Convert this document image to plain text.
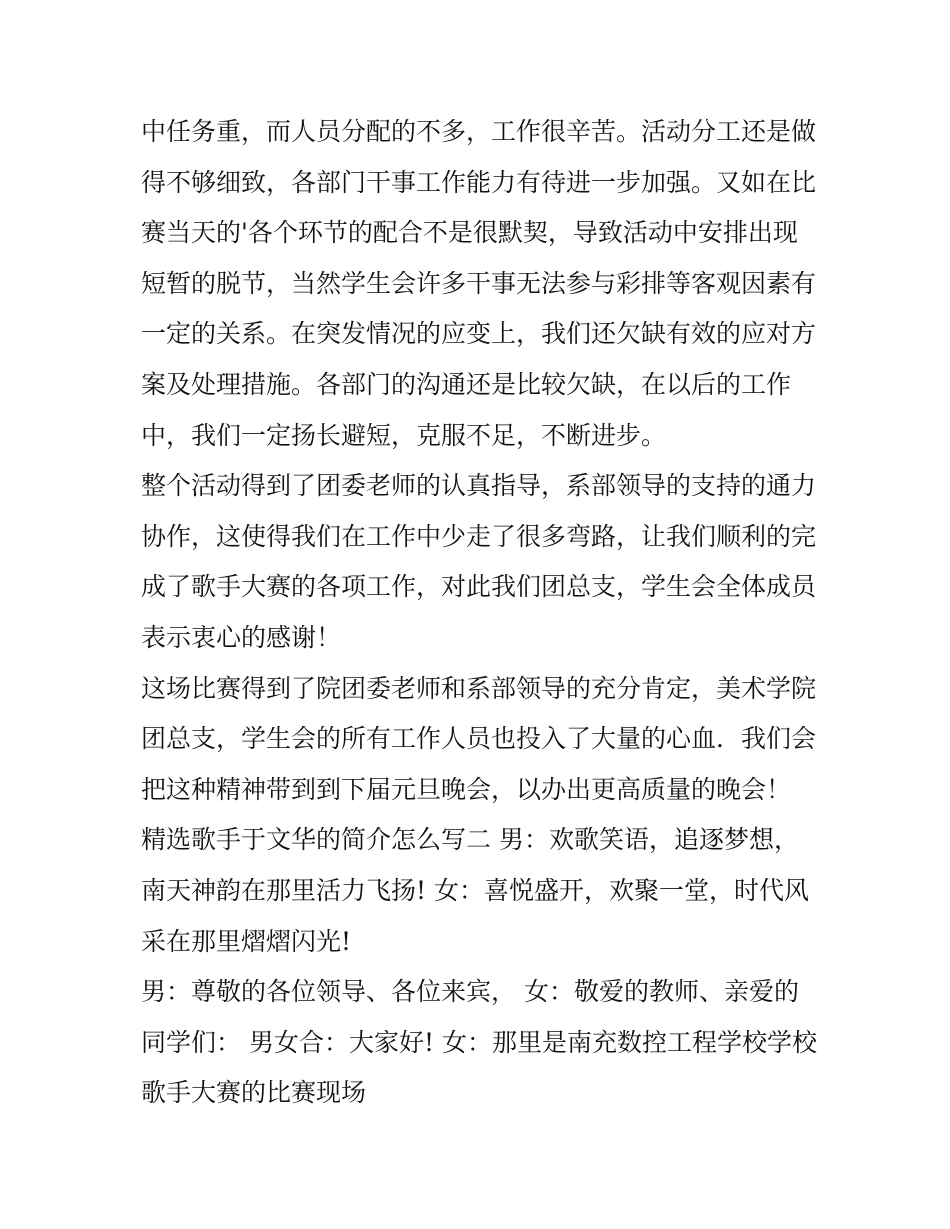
中任务重，而人员分配的不多，工作很辛苦。活动分工还是做
得不够细致，各部门干事工作能力有待进一步加强。又如在比
赛当天的'各个环节的配合不是很默契，导致活动中安排出现
短暂的脱节，当然学生会许多干事无法参与彩排等客观因素有
一定的关系。在突发情况的应变上，我们还欠缺有效的应对方
案及处理措施。各部门的沟通还是比较欠缺，在以后的工作
中，我们一定扬长避短，克服不足，不断进步。
整个活动得到了团委老师的认真指导，系部领导的支持的通力
协作，这使得我们在工作中少走了很多弯路，让我们顺利的完
成了歌手大赛的各项工作，对此我们团总支，学生会全体成员
表示衷心的感谢！
这场比赛得到了院团委老师和系部领导的充分肯定，美术学院
团总支，学生会的所有工作人员也投入了大量的心血．我们会
把这种精神带到到下届元旦晚会，以办出更高质量的晚会！
精选歌手于文华的简介怎么写二 男：欢歌笑语，追逐梦想，
南天神韵在那里活力飞扬! 女：喜悦盛开，欢聚一堂，时代风
采在那里熠熠闪光!
男：尊敬的各位领导、各位来宾， 女：敬爱的教师、亲爱的
同学们： 男女合：大家好! 女：那里是南充数控工程学校学校
歌手大赛的比赛现场
